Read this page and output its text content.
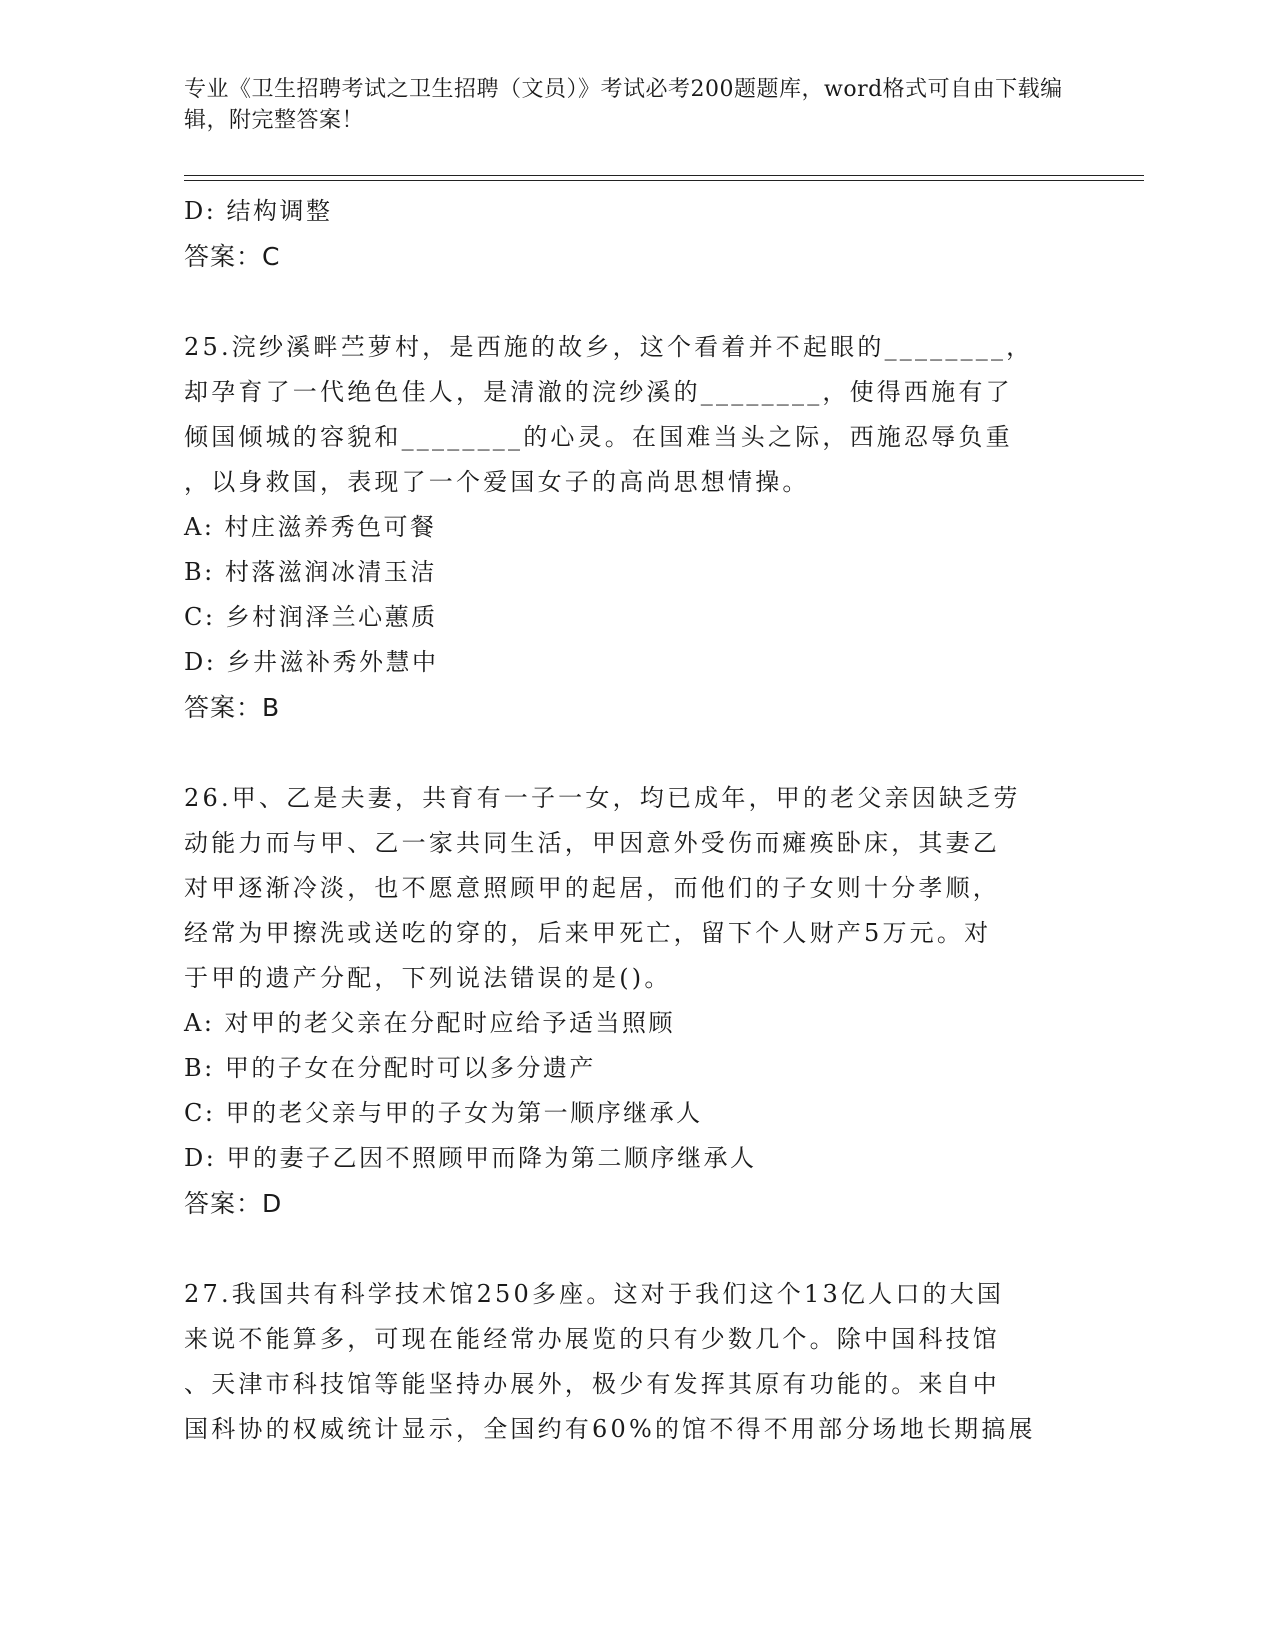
专业《卫生招聘考试之卫生招聘（文员）》考试必考200题题库，word格式可自由下载编辑，附完整答案！
D: 结构调整
答案：C
25.浣纱溪畔苎萝村，是西施的故乡，这个看着并不起眼的________，
却孕育了一代绝色佳人，是清澈的浣纱溪的________，使得西施有了
倾国倾城的容貌和________的心灵。在国难当头之际，西施忍辱负重
，以身救国，表现了一个爱国女子的高尚思想情操。
A: 村庄滋养秀色可餐
B: 村落滋润冰清玉洁
C: 乡村润泽兰心蕙质
D: 乡井滋补秀外慧中
答案：B
26.甲、乙是夫妻，共育有一子一女，均已成年，甲的老父亲因缺乏劳
动能力而与甲、乙一家共同生活，甲因意外受伤而瘫痪卧床，其妻乙
对甲逐渐冷淡，也不愿意照顾甲的起居，而他们的子女则十分孝顺，
经常为甲擦洗或送吃的穿的，后来甲死亡，留下个人财产5万元。对
于甲的遗产分配，下列说法错误的是()。
A: 对甲的老父亲在分配时应给予适当照顾
B: 甲的子女在分配时可以多分遗产
C: 甲的老父亲与甲的子女为第一顺序继承人
D: 甲的妻子乙因不照顾甲而降为第二顺序继承人
答案：D
27.我国共有科学技术馆250多座。这对于我们这个13亿人口的大国
来说不能算多，可现在能经常办展览的只有少数几个。除中国科技馆
、天津市科技馆等能坚持办展外，极少有发挥其原有功能的。来自中
国科协的权威统计显示，全国约有60%的馆不得不用部分场地长期搞展
